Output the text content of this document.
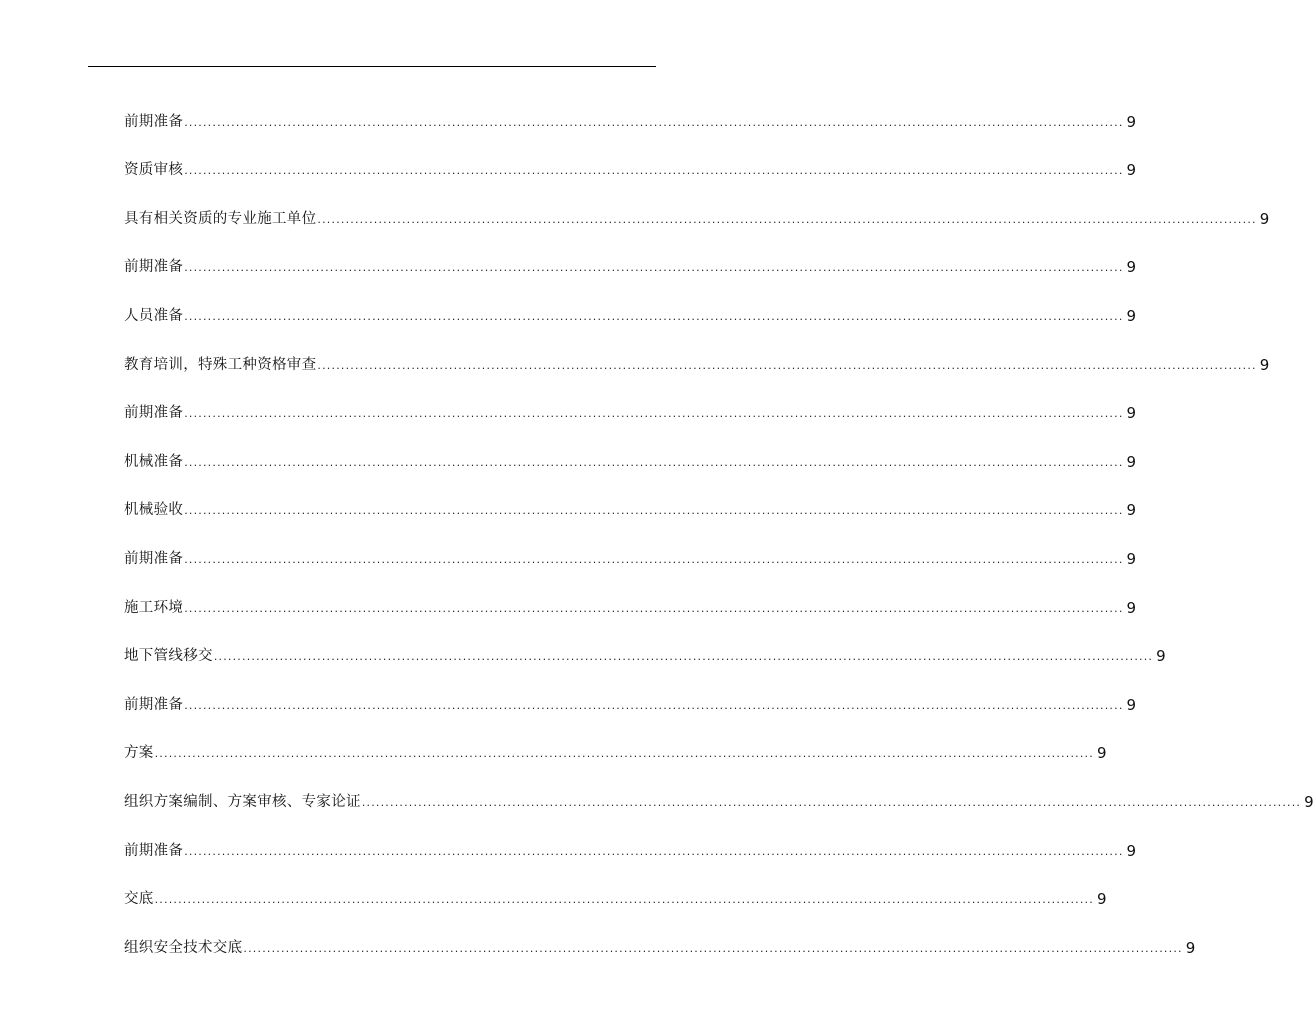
前期准备 ........................................................................................................................................................................................................ 9
资质审核 ........................................................................................................................................................................................................ 9
具有相关资质的专业施工单位 ........................................................................................................................................................................................................ 9
前期准备 ........................................................................................................................................................................................................ 9
人员准备 ........................................................................................................................................................................................................ 9
教育培训，特殊工种资格审查 ........................................................................................................................................................................................................ 9
前期准备 ........................................................................................................................................................................................................ 9
机械准备 ........................................................................................................................................................................................................ 9
机械验收 ........................................................................................................................................................................................................ 9
前期准备 ........................................................................................................................................................................................................ 9
施工环境 ........................................................................................................................................................................................................ 9
地下管线移交 ........................................................................................................................................................................................................ 9
前期准备 ........................................................................................................................................................................................................ 9
方案 ........................................................................................................................................................................................................ 9
组织方案编制、方案审核、专家论证 ........................................................................................................................................................................................................ 9
前期准备 ........................................................................................................................................................................................................ 9
交底 ........................................................................................................................................................................................................ 9
组织安全技术交底 ........................................................................................................................................................................................................ 9
